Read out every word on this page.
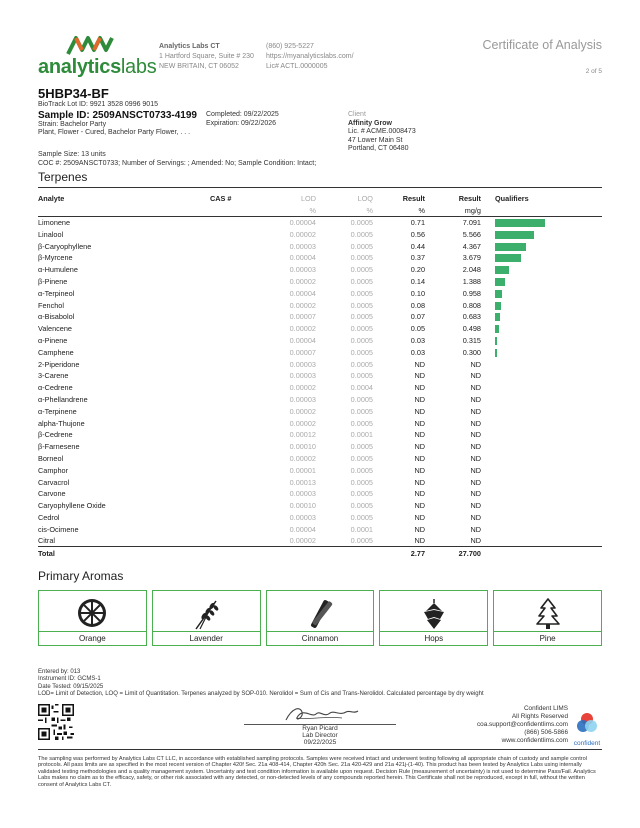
analyticslabs
Analytics Labs CT
1 Hartford Square, Suite # 230
NEW BRITAIN, CT 06052
(860) 925-5227
https://myanalyticslabs.com/
Lic# ACTL.0000005
Certificate of Analysis
2 of 5
5HBP34-BF
BioTrack Lot ID: 9921 3528 0996 9015
Sample ID: 2509ANSCT0733-4199
Strain: Bachelor Party
Plant, Flower - Cured, Bachelor Party Flower, . . .
Completed: 09/22/2025
Expiration: 09/22/2026
Client
Affinity Grow
Lic. # ACME.0008473
47 Lower Main St
Portland, CT 06480
Sample Size: 13 units
COC #: 2509ANSCT0733; Number of Servings: ; Amended: No; Sample Condition: Intact;
Terpenes
Analyte	CAS #	LOD	LOQ	Result	Result	Qualifiers
		%	%	%	mg/g	
Limonene		0.00004	0.0005	0.71	7.091	
Linalool		0.00002	0.0005	0.56	5.566	
β-Caryophyllene		0.00003	0.0005	0.44	4.367	
β-Myrcene		0.00004	0.0005	0.37	3.679	
α-Humulene		0.00003	0.0005	0.20	2.048	
β-Pinene		0.00002	0.0005	0.14	1.388	
α-Terpineol		0.00004	0.0005	0.10	0.958	
Fenchol		0.00002	0.0005	0.08	0.808	
α-Bisabolol		0.00007	0.0005	0.07	0.683	
Valencene		0.00002	0.0005	0.05	0.498	
α-Pinene		0.00004	0.0005	0.03	0.315	
Camphene		0.00007	0.0005	0.03	0.300	
2-Piperidone		0.00003	0.0005	ND	ND	
3-Carene		0.00003	0.0005	ND	ND	
α-Cedrene		0.00002	0.0004	ND	ND	
α-Phellandrene		0.00003	0.0005	ND	ND	
α-Terpinene		0.00002	0.0005	ND	ND	
alpha-Thujone		0.00002	0.0005	ND	ND	
β-Cedrene		0.00012	0.0001	ND	ND	
β-Farnesene		0.00010	0.0005	ND	ND	
Borneol		0.00002	0.0005	ND	ND	
Camphor		0.00001	0.0005	ND	ND	
Carvacrol		0.00013	0.0005	ND	ND	
Carvone		0.00003	0.0005	ND	ND	
Caryophyllene Oxide		0.00010	0.0005	ND	ND	
Cedrol		0.00003	0.0005	ND	ND	
cis-Ocimene		0.00004	0.0001	ND	ND	
Citral		0.00002	0.0005	ND	ND	
Total				2.77	27.700	
Primary Aromas
Orange	Lavender	Cinnamon	Hops	Pine
Entered by: 013
Instrument ID: GCMS-1
Date Tested: 09/15/2025
LOD= Limit of Detection, LOQ = Limit of Quantitation. Terpenes analyzed by SOP-010. Nerolidol = Sum of Cis and Trans-Nerolidol. Calculated percentage by dry weight
Ryan Picard
Lab Director
09/22/2025
Confident LIMS
All Rights Reserved
coa.support@confidentlims.com
(866) 506-5866
www.confidentlims.com confident
The sampling was performed by Analytics Labs CT LLC, in accordance with established sampling protocols. Samples were received intact and underwent testing following all appropriate chain of custody and sample control protocols. All pass limits are as specified in the most recent version of Chapter 420f Sec. 21a 408-414, Chapter 420h Sec. 21a 420-429 and 21a 421j-(1-40). This product has been tested by Analytics Labs using internally validated testing methodologies and a quality management system. Uncertainty and test condition information is available upon request. Decision Rule (measurement of uncertainty) is not used to determine Pass/Fail. Analytics Labs makes no claim as to the efficacy, safety, or other risk associated with any detected, or non-detected levels of any compounds reported herein. This Certificate shall not be reproduced, except in full, without the written consent of Analytics Labs CT.
